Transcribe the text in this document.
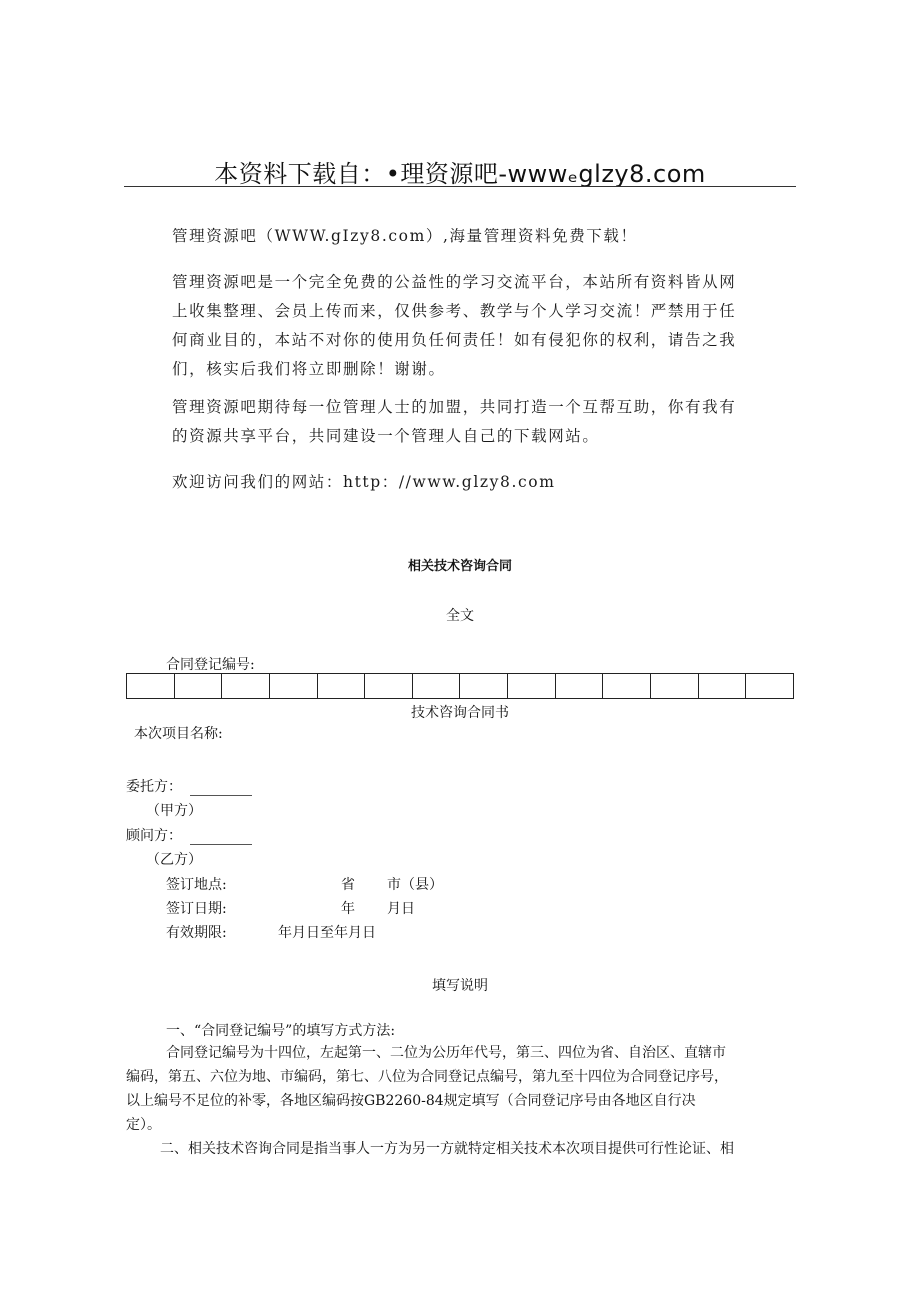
本资料下载自：•理资源吧-wwwₑglzy8.com
管理资源吧（WWW.gIzy8.com）,海量管理资料免费下载！
管理资源吧是一个完全免费的公益性的学习交流平台，本站所有资料皆从网
上收集整理、会员上传而来，仅供参考、教学与个人学习交流！严禁用于任
何商业目的，本站不对你的使用负任何责任！如有侵犯你的权利，请告之我
们，核实后我们将立即删除！谢谢。
管理资源吧期待每一位管理人士的加盟，共同打造一个互帮互助，你有我有
的资源共享平台，共同建设一个管理人自己的下载网站。
欢迎访问我们的网站：http：//www.glzy8.com
相关技术咨询合同
全文
合同登记编号:
技术咨询合同书
本次项目名称:
委托方：
（甲方）
顾问方：
（乙方）
签订地点:	省 市（县）
签订日期:	年 月日
有效期限:	年月日至年月日
填写说明
一、“合同登记编号”的填写方式方法:
合同登记编号为十四位，左起第一、二位为公历年代号，第三、四位为省、自治区、直辖市
编码，第五、六位为地、市编码，第七、八位为合同登记点编号，第九至十四位为合同登记序号，
以上编号不足位的补零，各地区编码按GB2260-84规定填写（合同登记序号由各地区自行决
定）。
二、相关技术咨询合同是指当事人一方为另一方就特定相关技术本次项目提供可行性论证、相
